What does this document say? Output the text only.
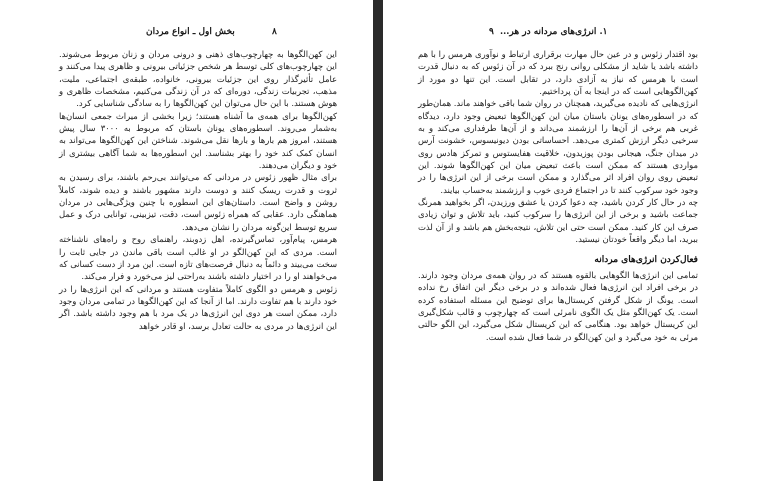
بخش اول ـ انواع مردان	۸

این کهن‌الگوها به چهارچوب‌های ذهنی و درونی مردان و زنان مربوط می‌شوند. این چهارچوب‌های کلی توسط هر شخص جزئیاتی بیرونی و ظاهری پیدا می‌کنند و عامل تأثیرگذار روی این جزئیات بیرونی، خانواده، طبقه‌ی اجتماعی، ملیت، مذهب، تجربیات زندگی، دوره‌ای که در آن زندگی می‌کنیم، مشخصات ظاهری و هوش هستند. با این حال می‌توان این کهن‌الگوها را به سادگی شناسایی کرد.

کهن‌الگوها برای همه‌ی ما آشناه هستند؛ زیرا بخشی از میراث جمعی انسان‌ها به‌شمار می‌روند. اسطوره‌های یونان باستان که مربوط به ۳۰۰۰ سال پیش هستند، امروز هم بارها و بارها نقل می‌شوند. شناختن این کهن‌الگوها می‌تواند به انسان کمک کند خود را بهتر بشناسد. این اسطوره‌ها به شما آگاهی بیشتری از خود و دیگران می‌دهند.

برای مثال ظهور زئوس در مردانی که می‌توانند بی‌رحم باشند، برای رسیدن به ثروت و قدرت ریسک کنند و دوست دارند مشهور باشند و دیده شوند، کاملاً روشن و واضح است. داستان‌های این اسطوره با چنین ویژگی‌هایی در مردان هماهنگی دارد. عقابی که همراه زئوس است، دقت، تیزبینی، توانایی درک و عمل سریع توسط این‌گونه مردان را نشان می‌دهد.

هرمس، پیام‌آور، تماس‌گیرنده، اهل زدوبند، راهنمای روح و راه‌های ناشناخته است. مردی که این کهن‌الگو در او غالب است باقی ماندن در جایی ثابت را سخت می‌بیند و دائماً به دنبال فرصت‌های تازه است. این مرد از دست کسانی که می‌خواهند او را در اختیار داشته باشند به‌راحتی لیز می‌خورد و فرار می‌کند.

زئوس و هرمس دو الگوی کاملاً متفاوت هستند و مردانی که این انرژی‌ها را در خود دارند با هم تفاوت دارند. اما از آنجا که این کهن‌الگوها در تمامی مردان وجود دارد، ممکن است هر دوی این انرژی‌ها در یک مرد با هم وجود داشته باشد. اگر این انرژی‌ها در مردی به حالت تعادل برسد، او قادر خواهد

۹ ۱. انرژی‌های مردانه در هر...

بود اقتدار زئوس و در عین حال مهارت برقراری ارتباط و نوآوری هرمس را با هم داشته باشد یا شاید از مشکلی روانی رنج ببرد که در آن زئوس که به دنبال قدرت است با هرمس که نیاز به آزادی دارد، در تقابل است. این تنها دو مورد از کهن‌الگوهایی است که در اینجا به آن پرداختیم.

انرژی‌هایی که نادیده می‌گیرید، همچنان در روان شما باقی خواهند ماند. همان‌طور که در اسطوره‌های یونان باستان میان این کهن‌الگوها تبعیض وجود دارد، دیدگاه غربی هم برخی از آن‌ها را ارزشمند می‌داند و از آن‌ها طرفداری می‌کند و به سرخیی دیگر ارزش کمتری می‌دهد. احساساتی بودن دیونیسوس، خشونت آرس در میدان جنگ، هیجانی بودن پوزیدون، خلاقیت هفایستوس و تمرکز هادس روی مواردی هستند که ممکن است باعث تبعیض میان این کهن‌الگوها شوند. این تبعیض روی روان افراد اثر می‌گذارد و ممکن است برخی از این انرژی‌ها را در وجود خود سرکوب کنند تا در اجتماع فردی خوب و ارزشمند به‌حساب بیایند.

چه در حال کار کردن باشید، چه دعوا کردن یا عشق ورزیدن، اگر بخواهید همرنگ جماعت باشید و برخی از این انرژی‌ها را سرکوب کنید، باید تلاش و توان زیادی صرف این کار کنید. ممکن است حتی این تلاش، نتیجه‌بخش هم باشد و از آن لذت ببرید، اما دیگر واقعاً خودتان نیستید.

فعال‌کردن انرژی‌های مردانه

تمامی این انرژی‌ها الگوهایی بالقوه هستند که در روان همه‌ی مردان وجود دارند. در برخی افراد این انرژی‌ها فعال شده‌اند و در برخی دیگر این اتفاق رخ نداده است. یونگ از شکل گرفتن کریستال‌ها برای توضیح این مسئله استفاده کرده است. یک کهن‌الگو مثل یک الگوی نامرئی است که چهارچوب و قالب شکل‌گیری این کریستال خواهد بود. هنگامی که این کریستال شکل می‌گیرد، این الگو حالتی مرئی به خود می‌گیرد و این کهن‌الگو در شما فعال شده است.
